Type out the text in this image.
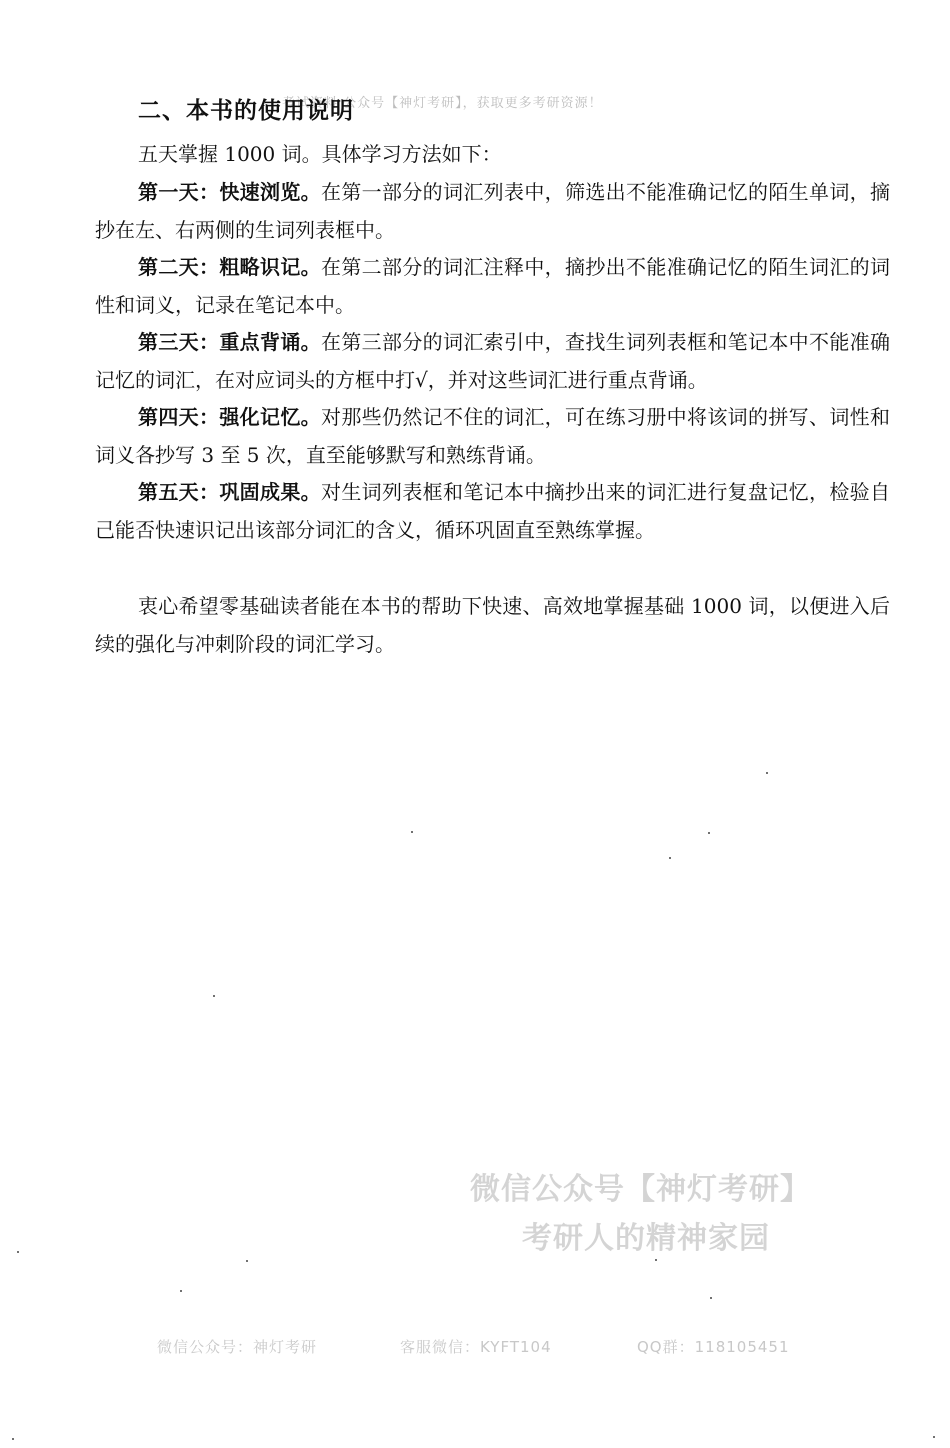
考试资料 公众号【神灯考研】，获取更多考研资源！
二、本书的使用说明

五天掌握 1000 词。具体学习方法如下：

第一天：快速浏览。在第一部分的词汇列表中，筛选出不能准确记忆的陌生单词，摘抄在左、右两侧的生词列表框中。

第二天：粗略识记。在第二部分的词汇注释中，摘抄出不能准确记忆的陌生词汇的词性和词义，记录在笔记本中。

第三天：重点背诵。在第三部分的词汇索引中，查找生词列表框和笔记本中不能准确记忆的词汇，在对应词头的方框中打√，并对这些词汇进行重点背诵。

第四天：强化记忆。对那些仍然记不住的词汇，可在练习册中将该词的拼写、词性和词义各抄写 3 至 5 次，直至能够默写和熟练背诵。

第五天：巩固成果。对生词列表框和笔记本中摘抄出来的词汇进行复盘记忆，检验自己能否快速识记出该部分词汇的含义，循环巩固直至熟练掌握。

衷心希望零基础读者能在本书的帮助下快速、高效地掌握基础 1000 词，以便进入后续的强化与冲刺阶段的词汇学习。

微信公众号【神灯考研】
考研人的精神家园
微信公众号：神灯考研	客服微信：KYFT104	QQ群：118105451
